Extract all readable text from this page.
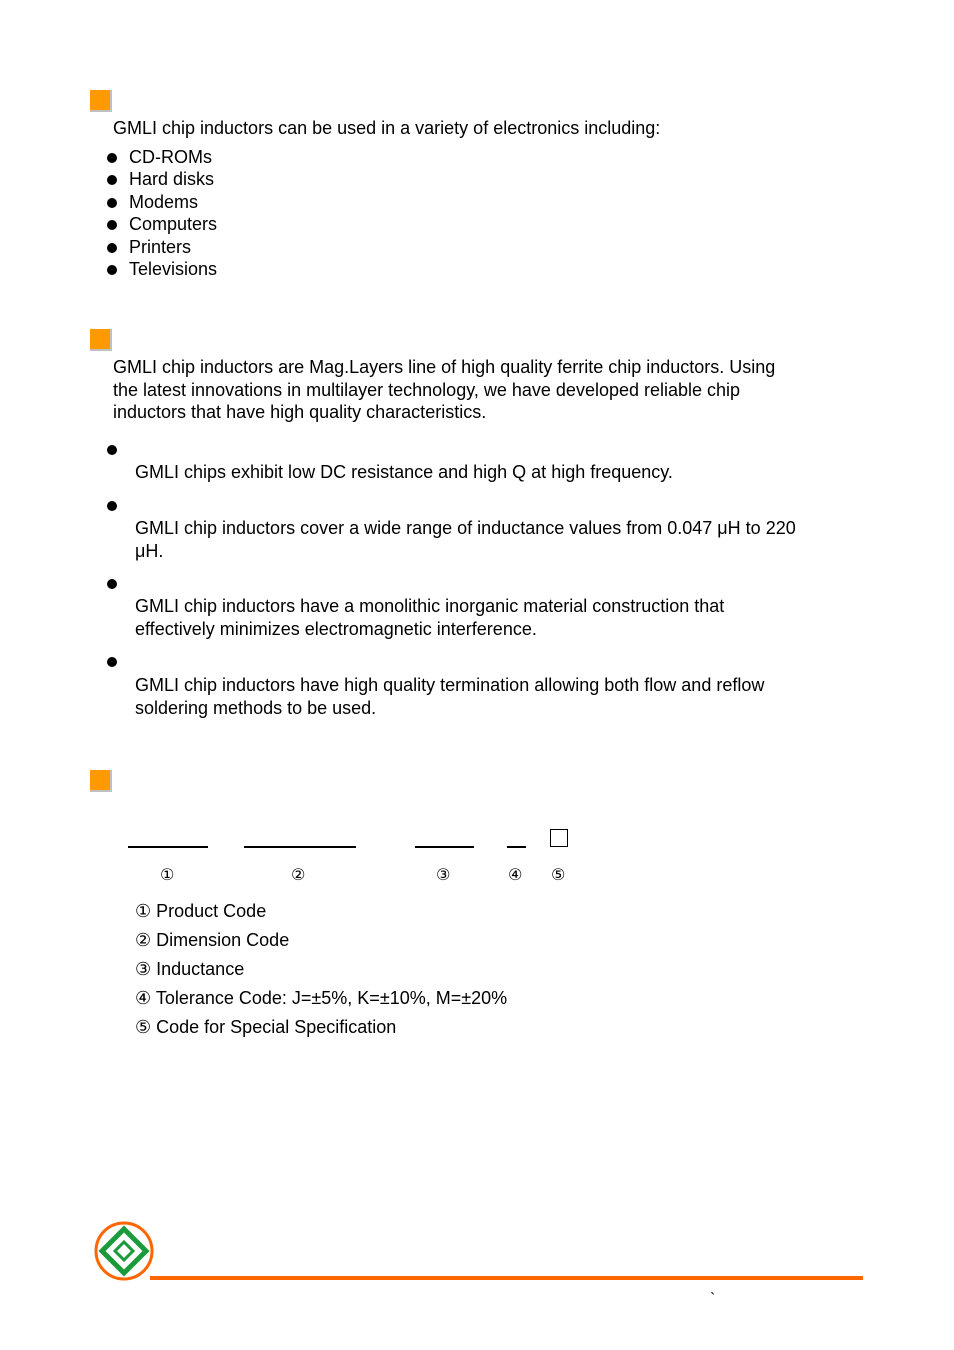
GMLI chip inductors can be used in a variety of electronics including:
CD-ROMs
Hard disks
Modems
Computers
Printers
Televisions
GMLI chip inductors are Mag.Layers line of high quality ferrite chip inductors. Using
the latest innovations in multilayer technology, we have developed reliable chip
inductors that have high quality characteristics.
GMLI chips exhibit low DC resistance and high Q at high frequency.
GMLI chip inductors cover a wide range of inductance values from 0.047 μH to 220
μH.
GMLI chip inductors have a monolithic inorganic material construction that
effectively minimizes electromagnetic interference.
GMLI chip inductors have high quality termination allowing both flow and reflow
soldering methods to be used.
①	②	③	④ ⑤
① Product Code
② Dimension Code
③ Inductance
④ Tolerance Code: J=±5%, K=±10%, M=±20%
⑤ Code for Special Specification
`
